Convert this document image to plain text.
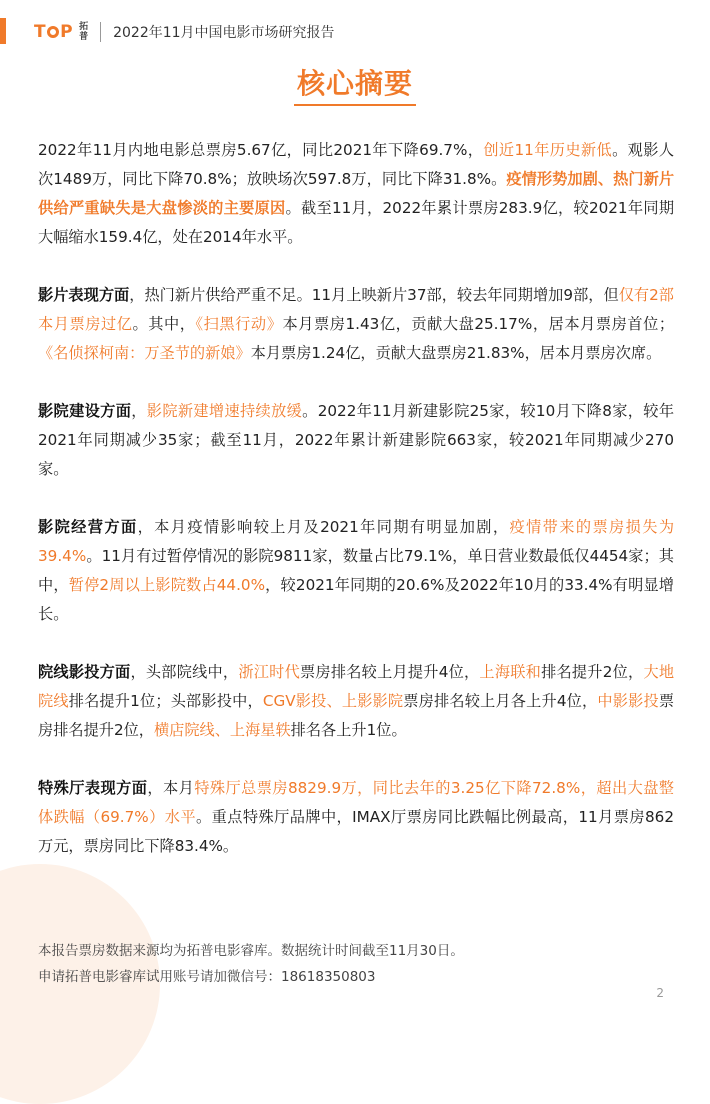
T P 拓
普 2022年11月中国电影市场研究报告
核心摘要

2022年11月内地电影总票房5.67亿，同比2021年下降69.7%，创近11年历史新低。观影人次1489万，同比下降70.8%；放映场次597.8万，同比下降31.8%。疫情形势加剧、热门新片供给严重缺失是大盘惨淡的主要原因。截至11月，2022年累计票房283.9亿，较2021年同期大幅缩水159.4亿，处在2014年水平。

影片表现方面，热门新片供给严重不足。11月上映新片37部，较去年同期增加9部，但仅有2部本月票房过亿。其中，《扫黑行动》本月票房1.43亿，贡献大盘25.17%，居本月票房首位；《名侦探柯南：万圣节的新娘》本月票房1.24亿，贡献大盘票房21.83%，居本月票房次席。

影院建设方面，影院新建增速持续放缓。2022年11月新建影院25家，较10月下降8家，较年2021年同期减少35家；截至11月，2022年累计新建影院663家，较2021年同期减少270家。

影院经营方面，本月疫情影响较上月及2021年同期有明显加剧，疫情带来的票房损失为39.4%。11月有过暂停情况的影院9811家，数量占比79.1%，单日营业数最低仅4454家；其中，暂停2周以上影院数占44.0%，较2021年同期的20.6%及2022年10月的33.4%有明显增长。

院线影投方面，头部院线中，浙江时代票房排名较上月提升4位，上海联和排名提升2位，大地院线排名提升1位；头部影投中，CGV影投、上影影院票房排名较上月各上升4位，中影影投票房排名提升2位，横店院线、上海星轶排名各上升1位。

特殊厅表现方面，本月特殊厅总票房8829.9万，同比去年的3.25亿下降72.8%，超出大盘整体跌幅（69.7%）水平。重点特殊厅品牌中，IMAX厅票房同比跌幅比例最高，11月票房862万元，票房同比下降83.4%。

本报告票房数据来源均为拓普电影睿库。数据统计时间截至11月30日。
申请拓普电影睿库试用账号请加微信号：18618350803
2
